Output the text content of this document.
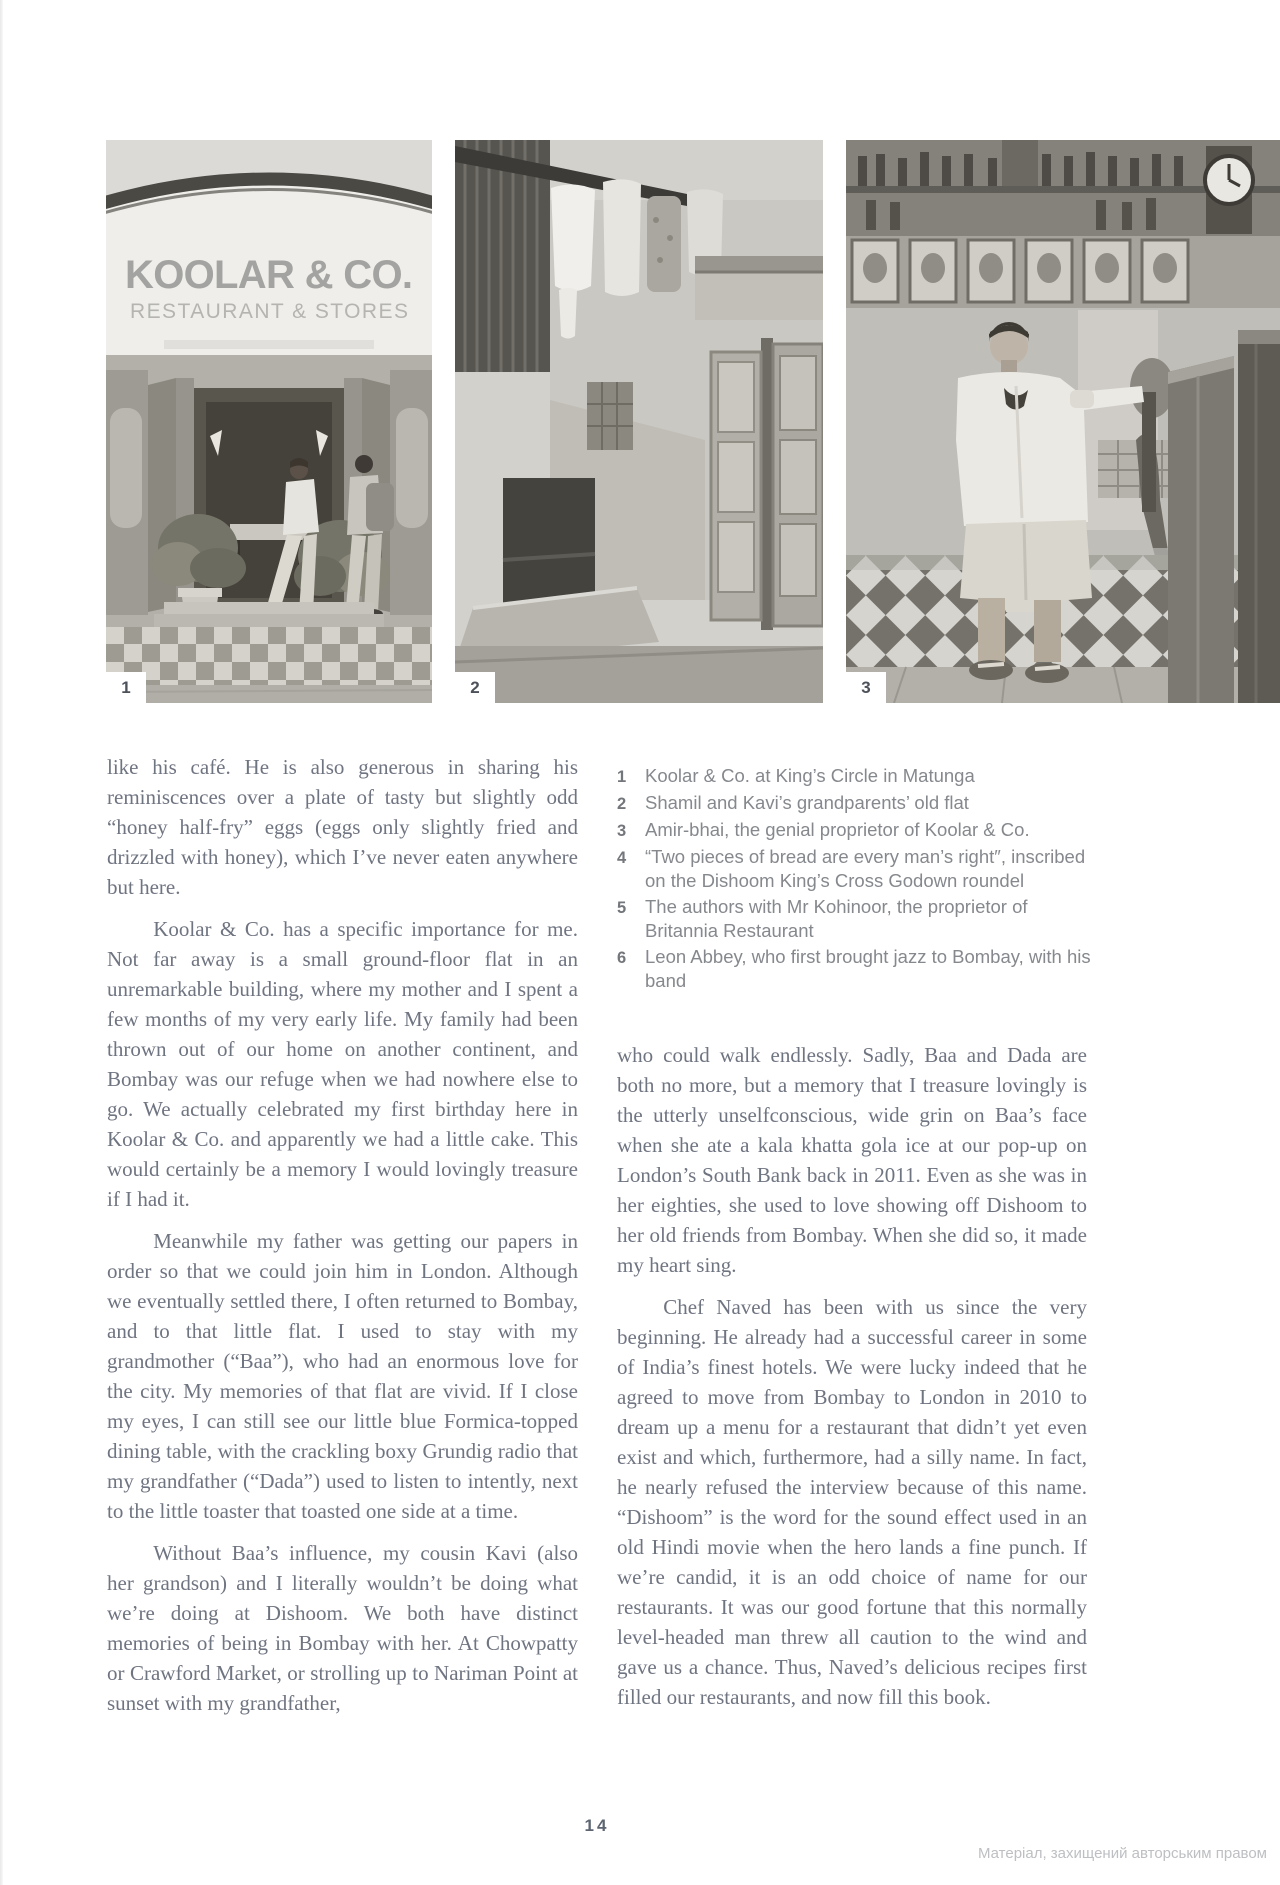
KOOLAR & CO.
RESTAURANT & STORES
1	2	3

like his café. He is also generous in sharing his reminiscences over a plate of tasty but slightly odd “honey half-fry” eggs (eggs only slightly fried and drizzled with honey), which I’ve never eaten anywhere but here.

Koolar & Co. has a specific importance for me. Not far away is a small ground-floor flat in an unremarkable building, where my mother and I spent a few months of my very early life. My family had been thrown out of our home on another continent, and Bombay was our refuge when we had nowhere else to go. We actually celebrated my first birthday here in Koolar & Co. and apparently we had a little cake. This would certainly be a memory I would lovingly treasure if I had it.

Meanwhile my father was getting our papers in order so that we could join him in London. Although we eventually settled there, I often returned to Bombay, and to that little flat. I used to stay with my grandmother (“Baa”), who had an enormous love for the city. My memories of that flat are vivid. If I close my eyes, I can still see our little blue Formica-topped dining table, with the crackling boxy Grundig radio that my grandfather (“Dada”) used to listen to intently, next to the little toaster that toasted one side at a time.

Without Baa’s influence, my cousin Kavi (also her grandson) and I literally wouldn’t be doing what we’re doing at Dishoom. We both have distinct memories of being in Bombay with her. At Chowpatty or Crawford Market, or strolling up to Nariman Point at sunset with my grandfather,

1	Koolar & Co. at King’s Circle in Matunga
2	Shamil and Kavi’s grandparents’ old flat
3	Amir-bhai, the genial proprietor of Koolar & Co.
4	“Two pieces of bread are every man’s right″, inscribed on the Dishoom King’s Cross Godown roundel
5	The authors with Mr Kohinoor, the proprietor of Britannia Restaurant
6	Leon Abbey, who first brought jazz to Bombay, with his band

who could walk endlessly. Sadly, Baa and Dada are both no more, but a memory that I treasure lovingly is the utterly unselfconscious, wide grin on Baa’s face when she ate a kala khatta gola ice at our pop-up on London’s South Bank back in 2011. Even as she was in her eighties, she used to love showing off Dishoom to her old friends from Bombay. When she did so, it made my heart sing.

Chef Naved has been with us since the very beginning. He already had a successful career in some of India’s finest hotels. We were lucky indeed that he agreed to move from Bombay to London in 2010 to dream up a menu for a restaurant that didn’t yet even exist and which, furthermore, had a silly name. In fact, he nearly refused the interview because of this name. “Dishoom” is the word for the sound effect used in an old Hindi movie when the hero lands a fine punch. If we’re candid, it is an odd choice of name for our restaurants. It was our good fortune that this normally level-headed man threw all caution to the wind and gave us a chance. Thus, Naved’s delicious recipes first filled our restaurants, and now fill this book.

14
Матеріал, захищений авторським правом
